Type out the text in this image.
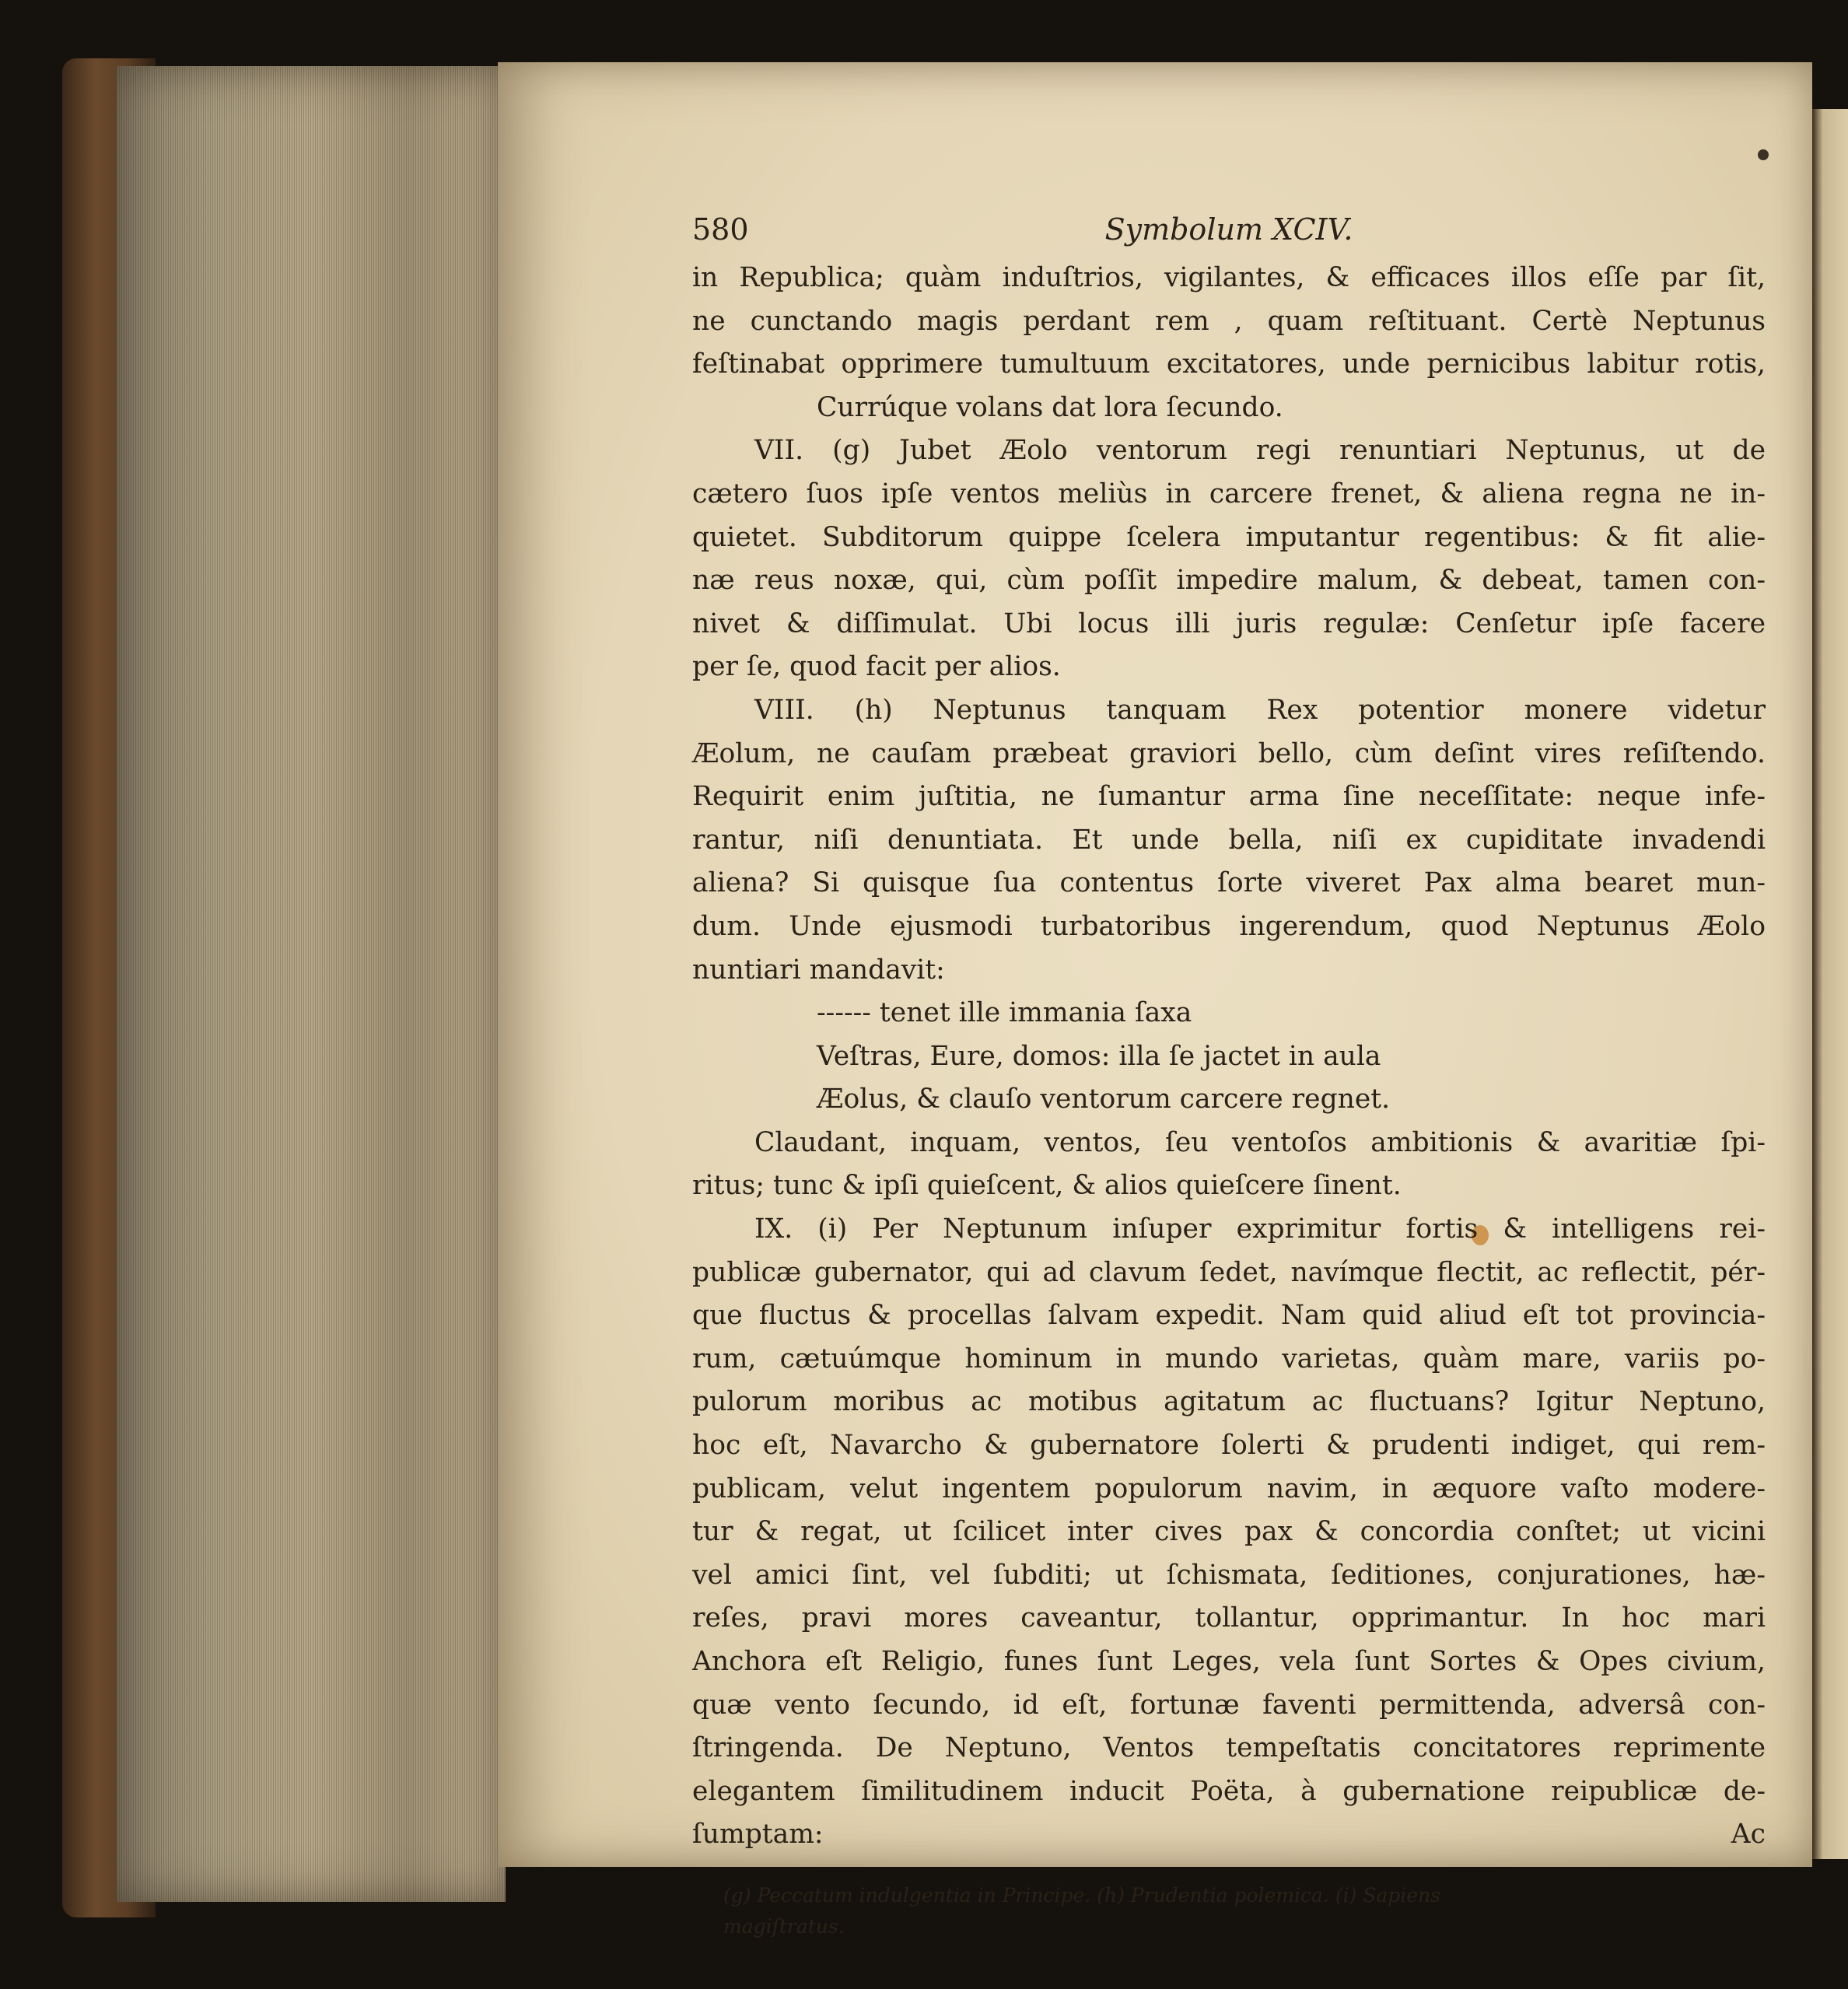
580	Symbolum XCIV.
in Republica; quàm induſtrios, vigilantes, & efficaces illos eſſe par ſit,
ne cunctando magis perdant rem , quam reſtituant. Certè Neptunus
feſtinabat opprimere tumultuum excitatores, unde pernicibus labitur rotis,
Currúque volans dat lora ſecundo.
VII. (g) Jubet Æolo ventorum regi renuntiari Neptunus, ut de
cætero ſuos ipſe ventos meliùs in carcere frenet, & aliena regna ne in-
quietet. Subditorum quippe ſcelera imputantur regentibus: & fit alie-
næ reus noxæ, qui, cùm poſſit impedire malum, & debeat, tamen con-
nivet & diſſimulat. Ubi locus illi juris regulæ: Cenſetur ipſe facere
per ſe, quod facit per alios.
VIII. (h) Neptunus tanquam Rex potentior monere videtur
Æolum, ne cauſam præbeat graviori bello, cùm deſint vires reſiſtendo.
Requirit enim juſtitia, ne ſumantur arma ſine neceſſitate: neque infe-
rantur, niſi denuntiata. Et unde bella, niſi ex cupiditate invadendi
aliena? Si quisque ſua contentus ſorte viveret Pax alma bearet mun-
dum. Unde ejusmodi turbatoribus ingerendum, quod Neptunus Æolo
nuntiari mandavit:
------ tenet ille immania ſaxa
Veſtras, Eure, domos: illa ſe jactet in aula
Æolus, & clauſo ventorum carcere regnet.
Claudant, inquam, ventos, ſeu ventoſos ambitionis & avaritiæ ſpi-
ritus; tunc & ipſi quieſcent, & alios quieſcere ſinent.
IX. (i) Per Neptunum inſuper exprimitur fortis & intelligens rei-
publicæ gubernator, qui ad clavum ſedet, navímque flectit, ac reflectit, pér-
que fluctus & procellas ſalvam expedit. Nam quid aliud eſt tot provincia-
rum, cætuúmque hominum in mundo varietas, quàm mare, variis po-
pulorum moribus ac motibus agitatum ac fluctuans? Igitur Neptuno,
hoc eſt, Navarcho & gubernatore ſolerti & prudenti indiget, qui rem-
publicam, velut ingentem populorum navim, in æquore vaſto modere-
tur & regat, ut ſcilicet inter cives pax & concordia conſtet; ut vicini
vel amici ſint, vel ſubditi; ut ſchismata, ſeditiones, conjurationes, hæ-
reſes, pravi mores caveantur, tollantur, opprimantur. In hoc mari
Anchora eſt Religio, funes ſunt Leges, vela ſunt Sortes & Opes civium,
quæ vento ſecundo, id eſt, fortunæ faventi permittenda, adversâ con-
ſtringenda. De Neptuno, Ventos tempeſtatis concitatores reprimente
elegantem ſimilitudinem inducit Poëta, à gubernatione reipublicæ de-
ſumptam:	Ac
(g) Peccatum indulgentia in Principe. (h) Prudentia polemica. (i) Sapiens
magiſtratus.
